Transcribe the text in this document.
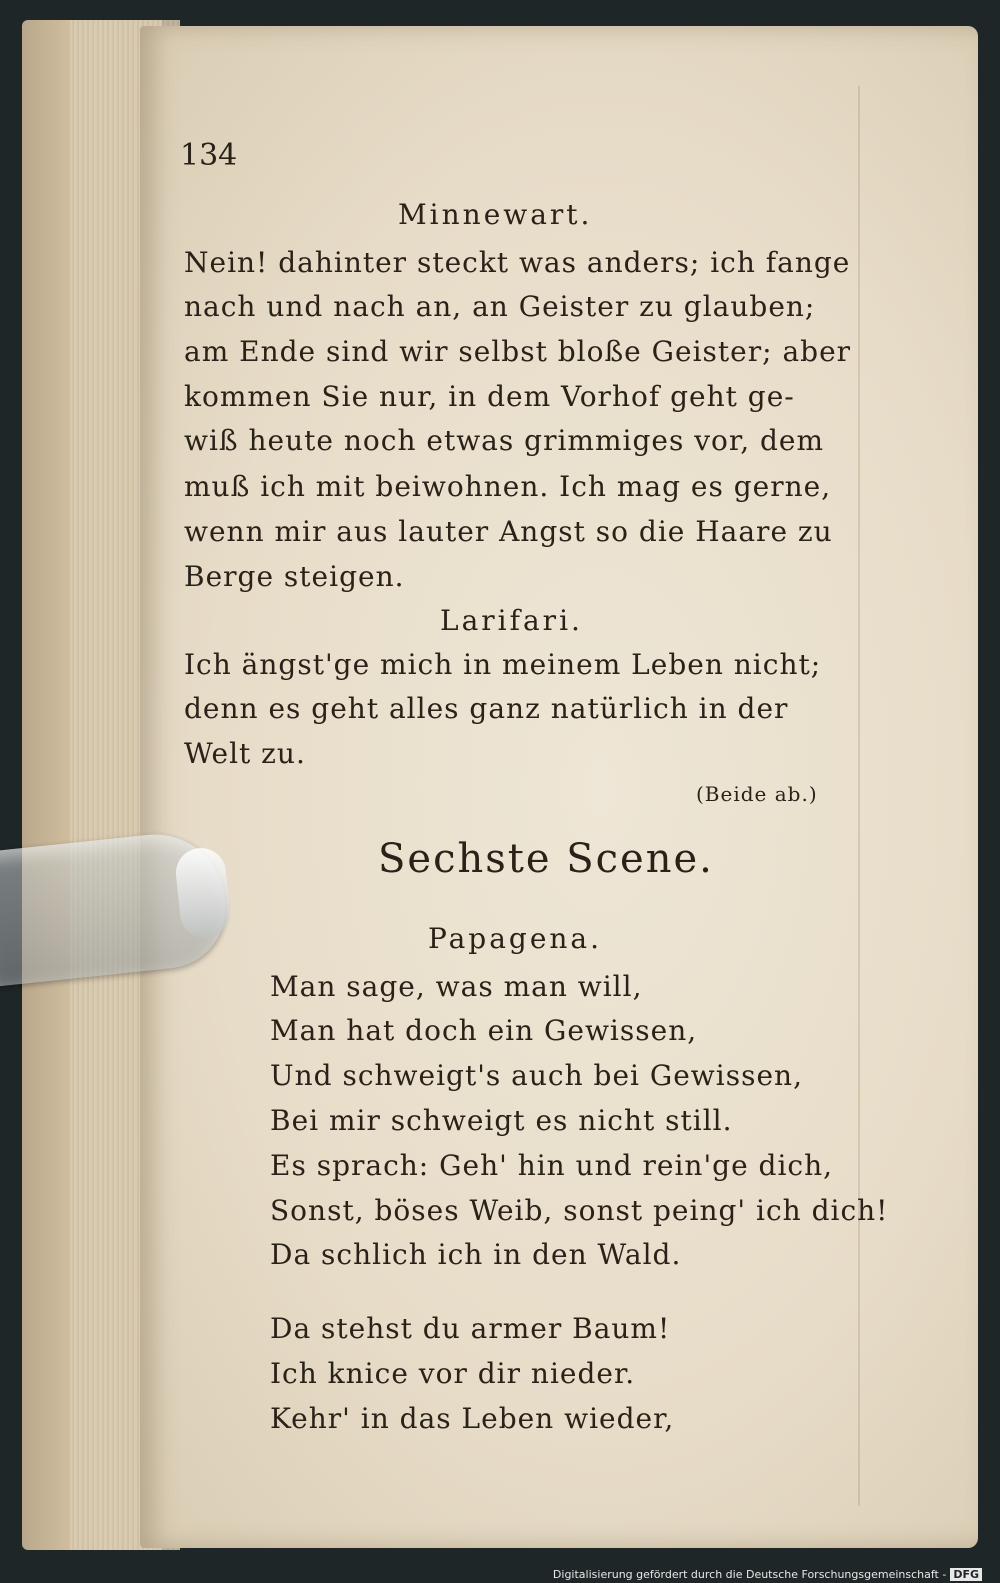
134
Minnewart.
Nein! dahinter steckt was anders; ich fange
nach und nach an, an Geister zu glauben;
am Ende sind wir selbst bloße Geister; aber
kommen Sie nur, in dem Vorhof geht ge-
wiß heute noch etwas grimmiges vor, dem
muß ich mit beiwohnen. Ich mag es gerne,
wenn mir aus lauter Angst so die Haare zu
Berge steigen.
Larifari.
Ich ängst'ge mich in meinem Leben nicht;
denn es geht alles ganz natürlich in der
Welt zu.
(Beide ab.)
Sechste Scene.
Papagena.
Man sage, was man will,
Man hat doch ein Gewissen,
Und schweigt's auch bei Gewissen,
Bei mir schweigt es nicht still.
Es sprach: Geh' hin und rein'ge dich,
Sonst, böses Weib, sonst peing' ich dich!
Da schlich ich in den Wald.
Da stehst du armer Baum!
Ich knice vor dir nieder.
Kehr' in das Leben wieder,
Digitalisierung gefördert durch die Deutsche Forschungsgemeinschaft - DFG
